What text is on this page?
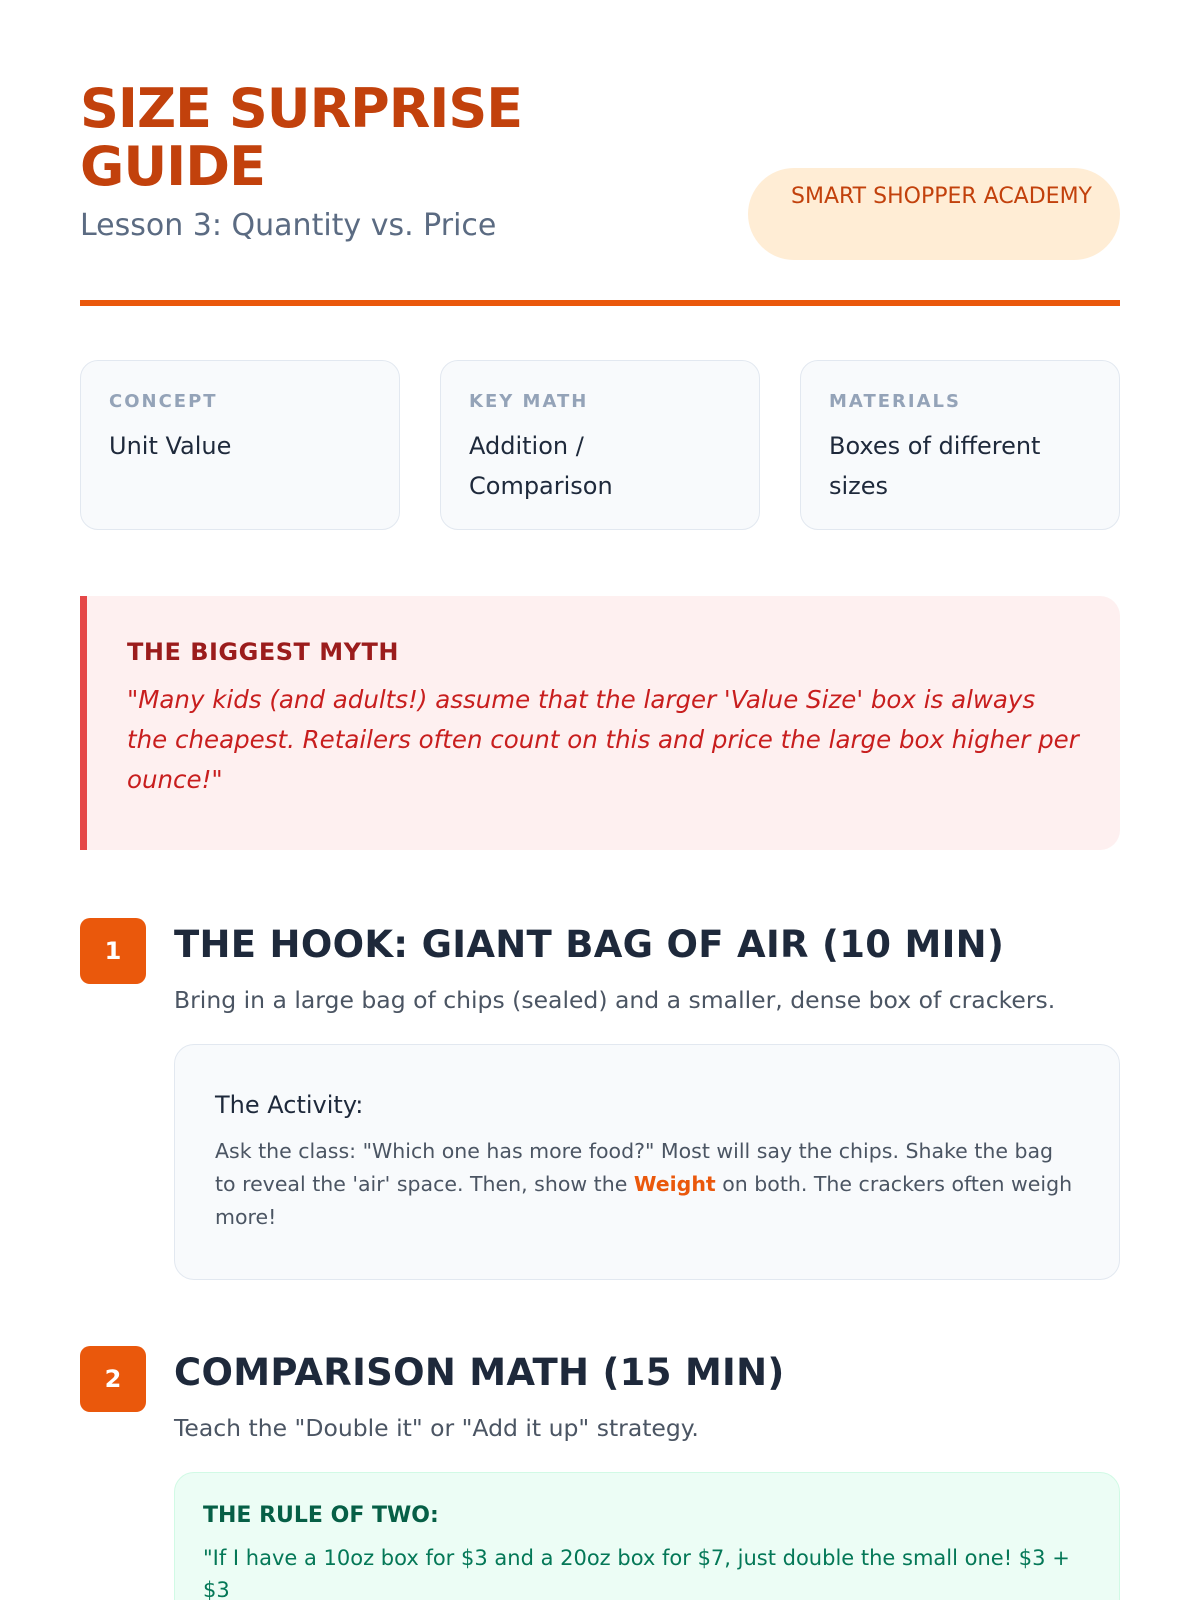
SIZE SURPRISE GUIDE
Lesson 3: Quantity vs. Price
SMART SHOPPER ACADEMY
CONCEPT
Unit Value
KEY MATH
Addition / Comparison
MATERIALS
Boxes of different sizes
THE BIGGEST MYTH
"Many kids (and adults!) assume that the larger 'Value Size' box is always the cheapest. Retailers often count on this and price the large box higher per ounce!"
1	THE HOOK: GIANT BAG OF AIR (10 MIN)
Bring in a large bag of chips (sealed) and a smaller, dense box of crackers.
The Activity:
Ask the class: "Which one has more food?" Most will say the chips. Shake the bag to reveal the 'air' space. Then, show the Weight on both. The crackers often weigh more!
2	COMPARISON MATH (15 MIN)
Teach the "Double it" or "Add it up" strategy.
THE RULE OF TWO:
"If I have a 10oz box for $3 and a 20oz box for $7, just double the small one! $3 + $3
